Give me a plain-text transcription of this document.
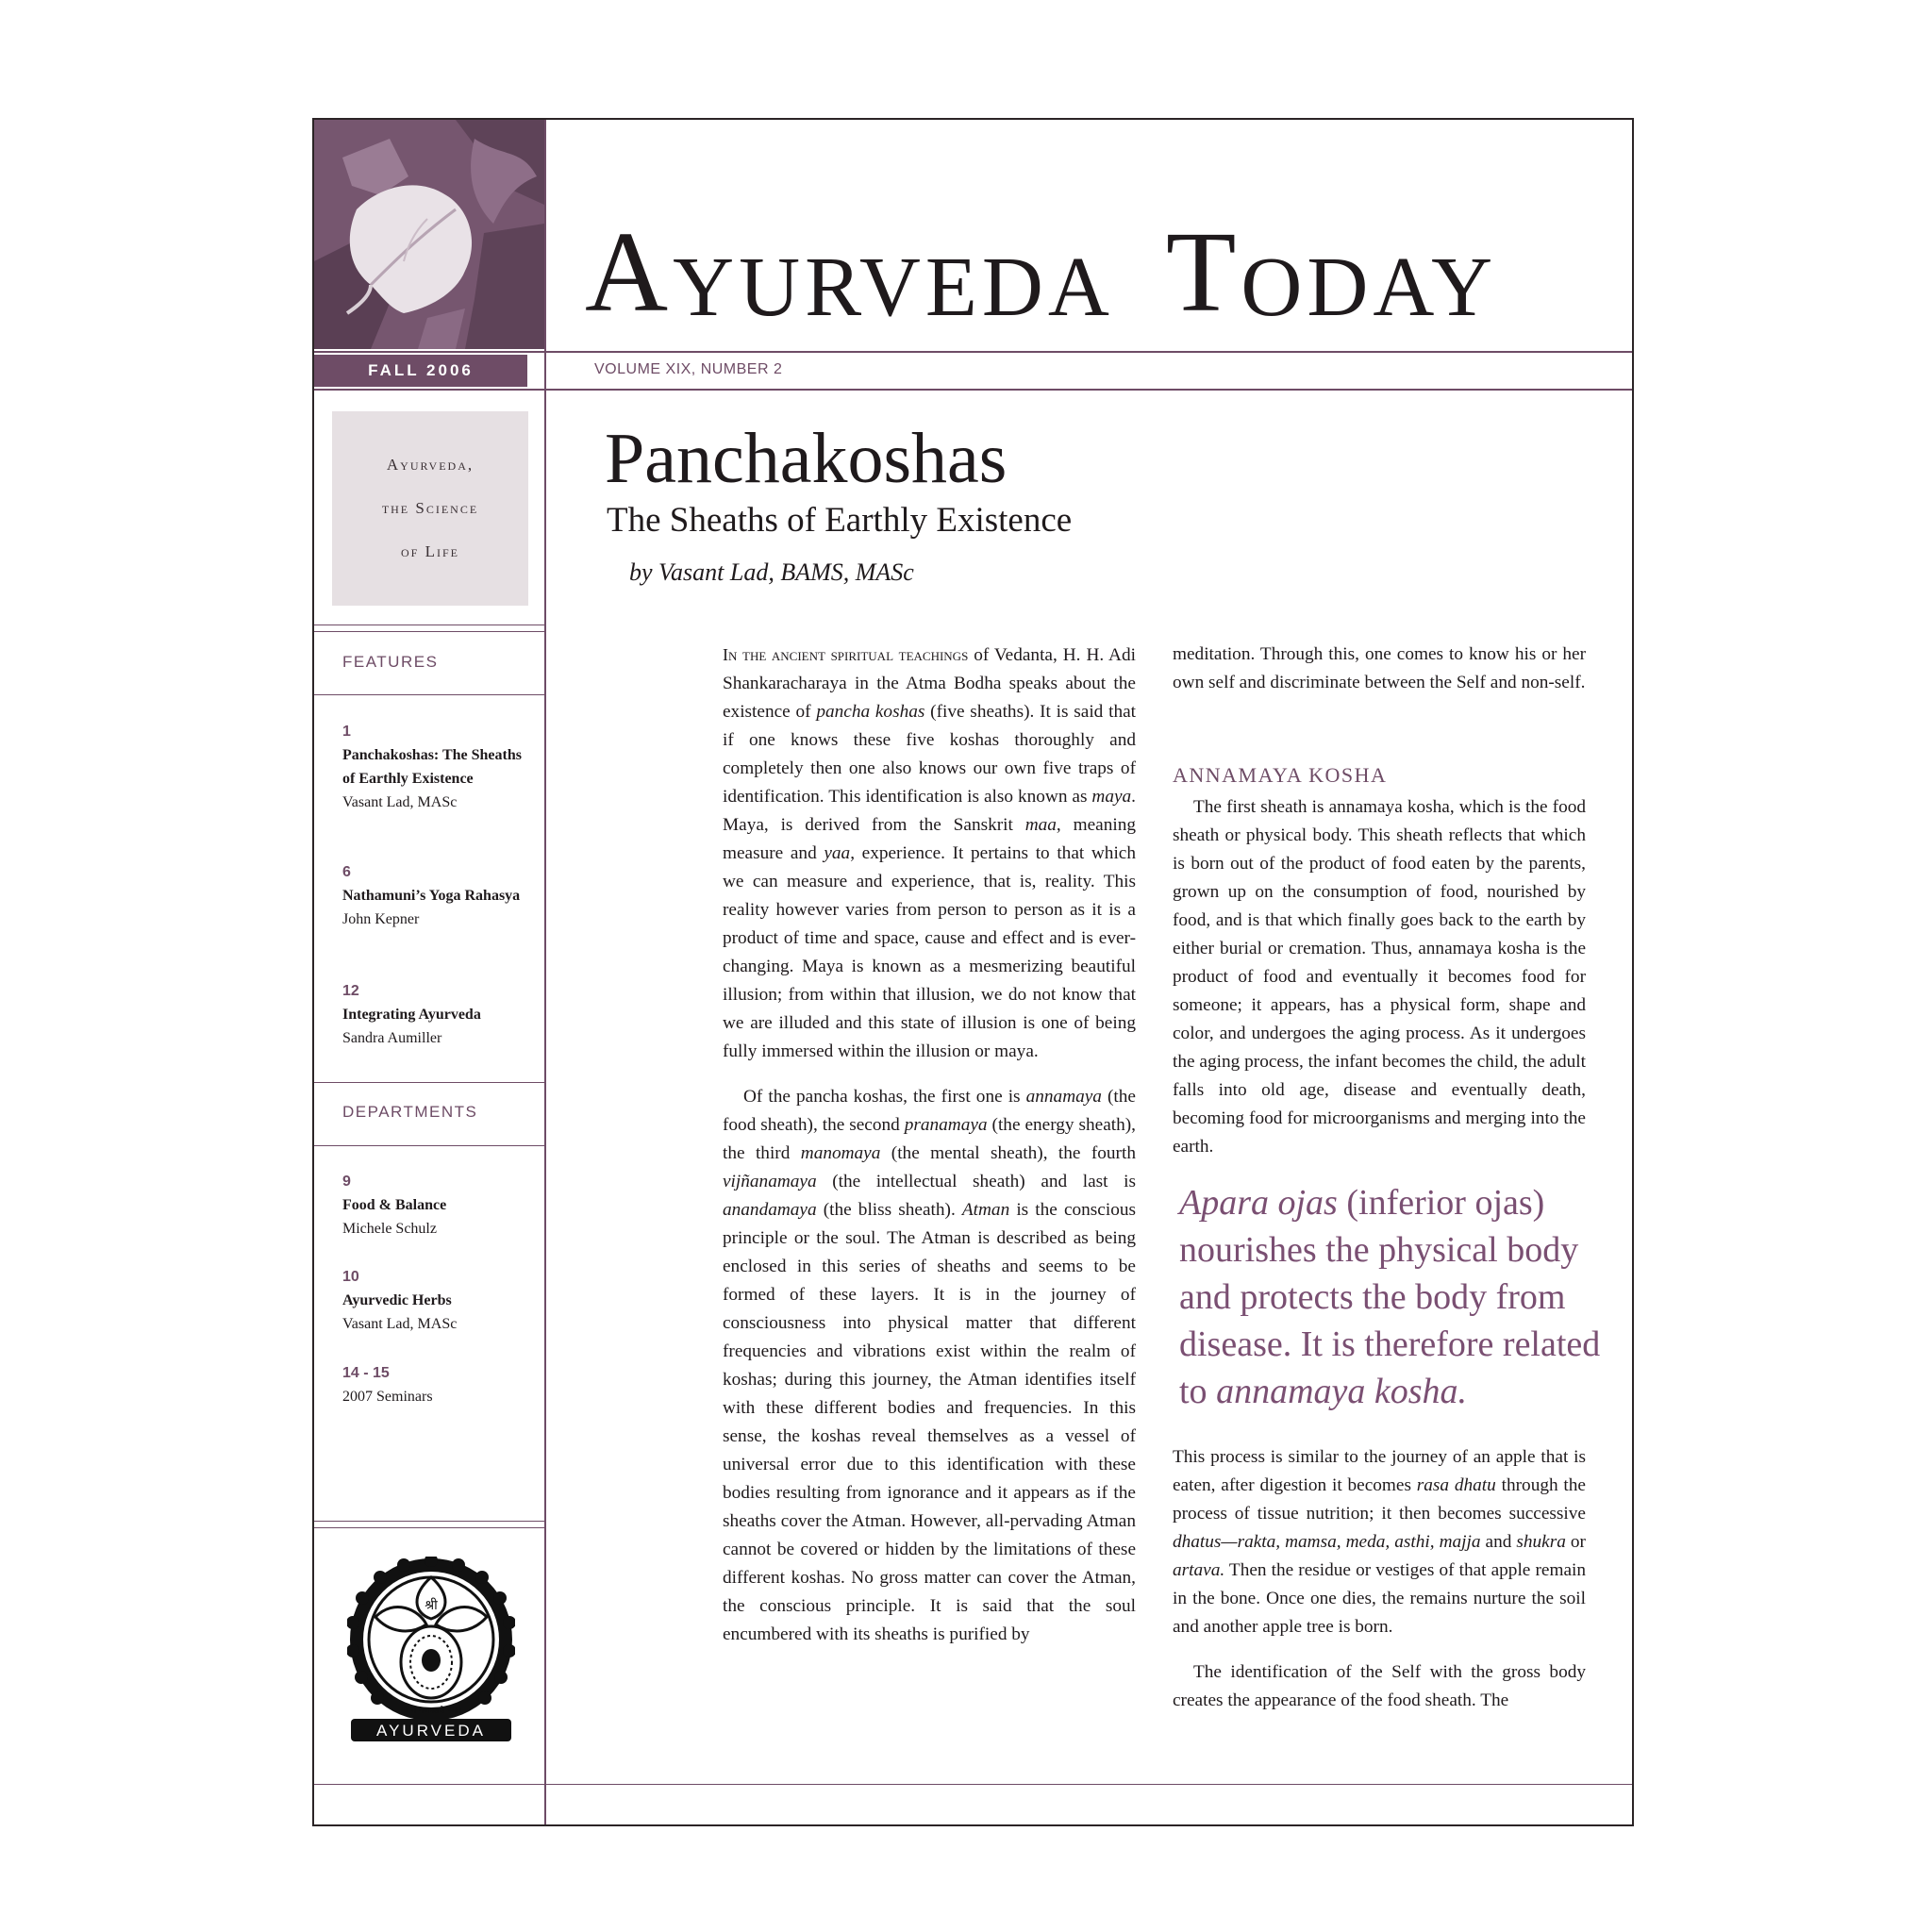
A YURVEDA T ODAY
FALL 2006	VOLUME XIX, NUMBER 2
Ayurveda,
the Science
of Life
FEATURES
1
Panchakoshas: The Sheaths of Earthly Existence
Vasant Lad, MASc
6
Nathamuni’s Yoga Rahasya
John Kepner
12
Integrating Ayurveda
Sandra Aumiller
DEPARTMENTS
9
Food & Balance
Michele Schulz
10
Ayurvedic Herbs
Vasant Lad, MASc
14 - 15
2007 Seminars
श्री
ॐ गं गणपतये नमः।
AYURVEDA
Panchakoshas
The Sheaths of Earthly Existence
by Vasant Lad, BAMS, MASc

In the ancient spiritual teachings of Vedanta, H. H. Adi Shankaracharaya in the Atma Bodha speaks about the existence of pancha koshas (five sheaths). It is said that if one knows these five koshas thoroughly and completely then one also knows our own five traps of identification. This identification is also known as maya. Maya, is derived from the Sanskrit maa, meaning measure and yaa, experience. It pertains to that which we can measure and experience, that is, reality. This reality however varies from person to person as it is a product of time and space, cause and effect and is ever-changing. Maya is known as a mesmerizing beautiful illusion; from within that illusion, we do not know that we are illuded and this state of illusion is one of being fully immersed within the illusion or maya.

Of the pancha koshas, the first one is annamaya (the food sheath), the second pranamaya (the energy sheath), the third manomaya (the mental sheath), the fourth vijñanamaya (the intellectual sheath) and last is anandamaya (the bliss sheath). Atman is the conscious principle or the soul. The Atman is described as being enclosed in this series of sheaths and seems to be formed of these layers. It is in the journey of consciousness into physical matter that different frequencies and vibrations exist within the realm of koshas; during this journey, the Atman identifies itself with these different bodies and frequencies. In this sense, the koshas reveal themselves as a vessel of universal error due to this identification with these bodies resulting from ignorance and it appears as if the sheaths cover the Atman. However, all-pervading Atman cannot be covered or hidden by the limitations of these different koshas. No gross matter can cover the Atman, the conscious principle. It is said that the soul encumbered with its sheaths is purified by

meditation. Through this, one comes to know his or her own self and discriminate between the Self and non-self.

ANNAMAYA KOSHA

The first sheath is annamaya kosha, which is the food sheath or physical body. This sheath reflects that which is born out of the product of food eaten by the parents, grown up on the consumption of food, nourished by food, and is that which finally goes back to the earth by either burial or cremation. Thus, annamaya kosha is the product of food and eventually it becomes food for someone; it appears, has a physical form, shape and color, and undergoes the aging process. As it undergoes the aging process, the infant becomes the child, the adult falls into old age, disease and eventually death, becoming food for microorganisms and merging into the earth.

Apara ojas (inferior ojas) nourishes the physical body and protects the body from disease. It is therefore related to annamaya kosha.

This process is similar to the journey of an apple that is eaten, after digestion it becomes rasa dhatu through the process of tissue nutrition; it then becomes successive dhatus—rakta, mamsa, meda, asthi, majja and shukra or artava. Then the residue or vestiges of that apple remain in the bone. Once one dies, the remains nurture the soil and another apple tree is born.

The identification of the Self with the gross body creates the appearance of the food sheath. The
